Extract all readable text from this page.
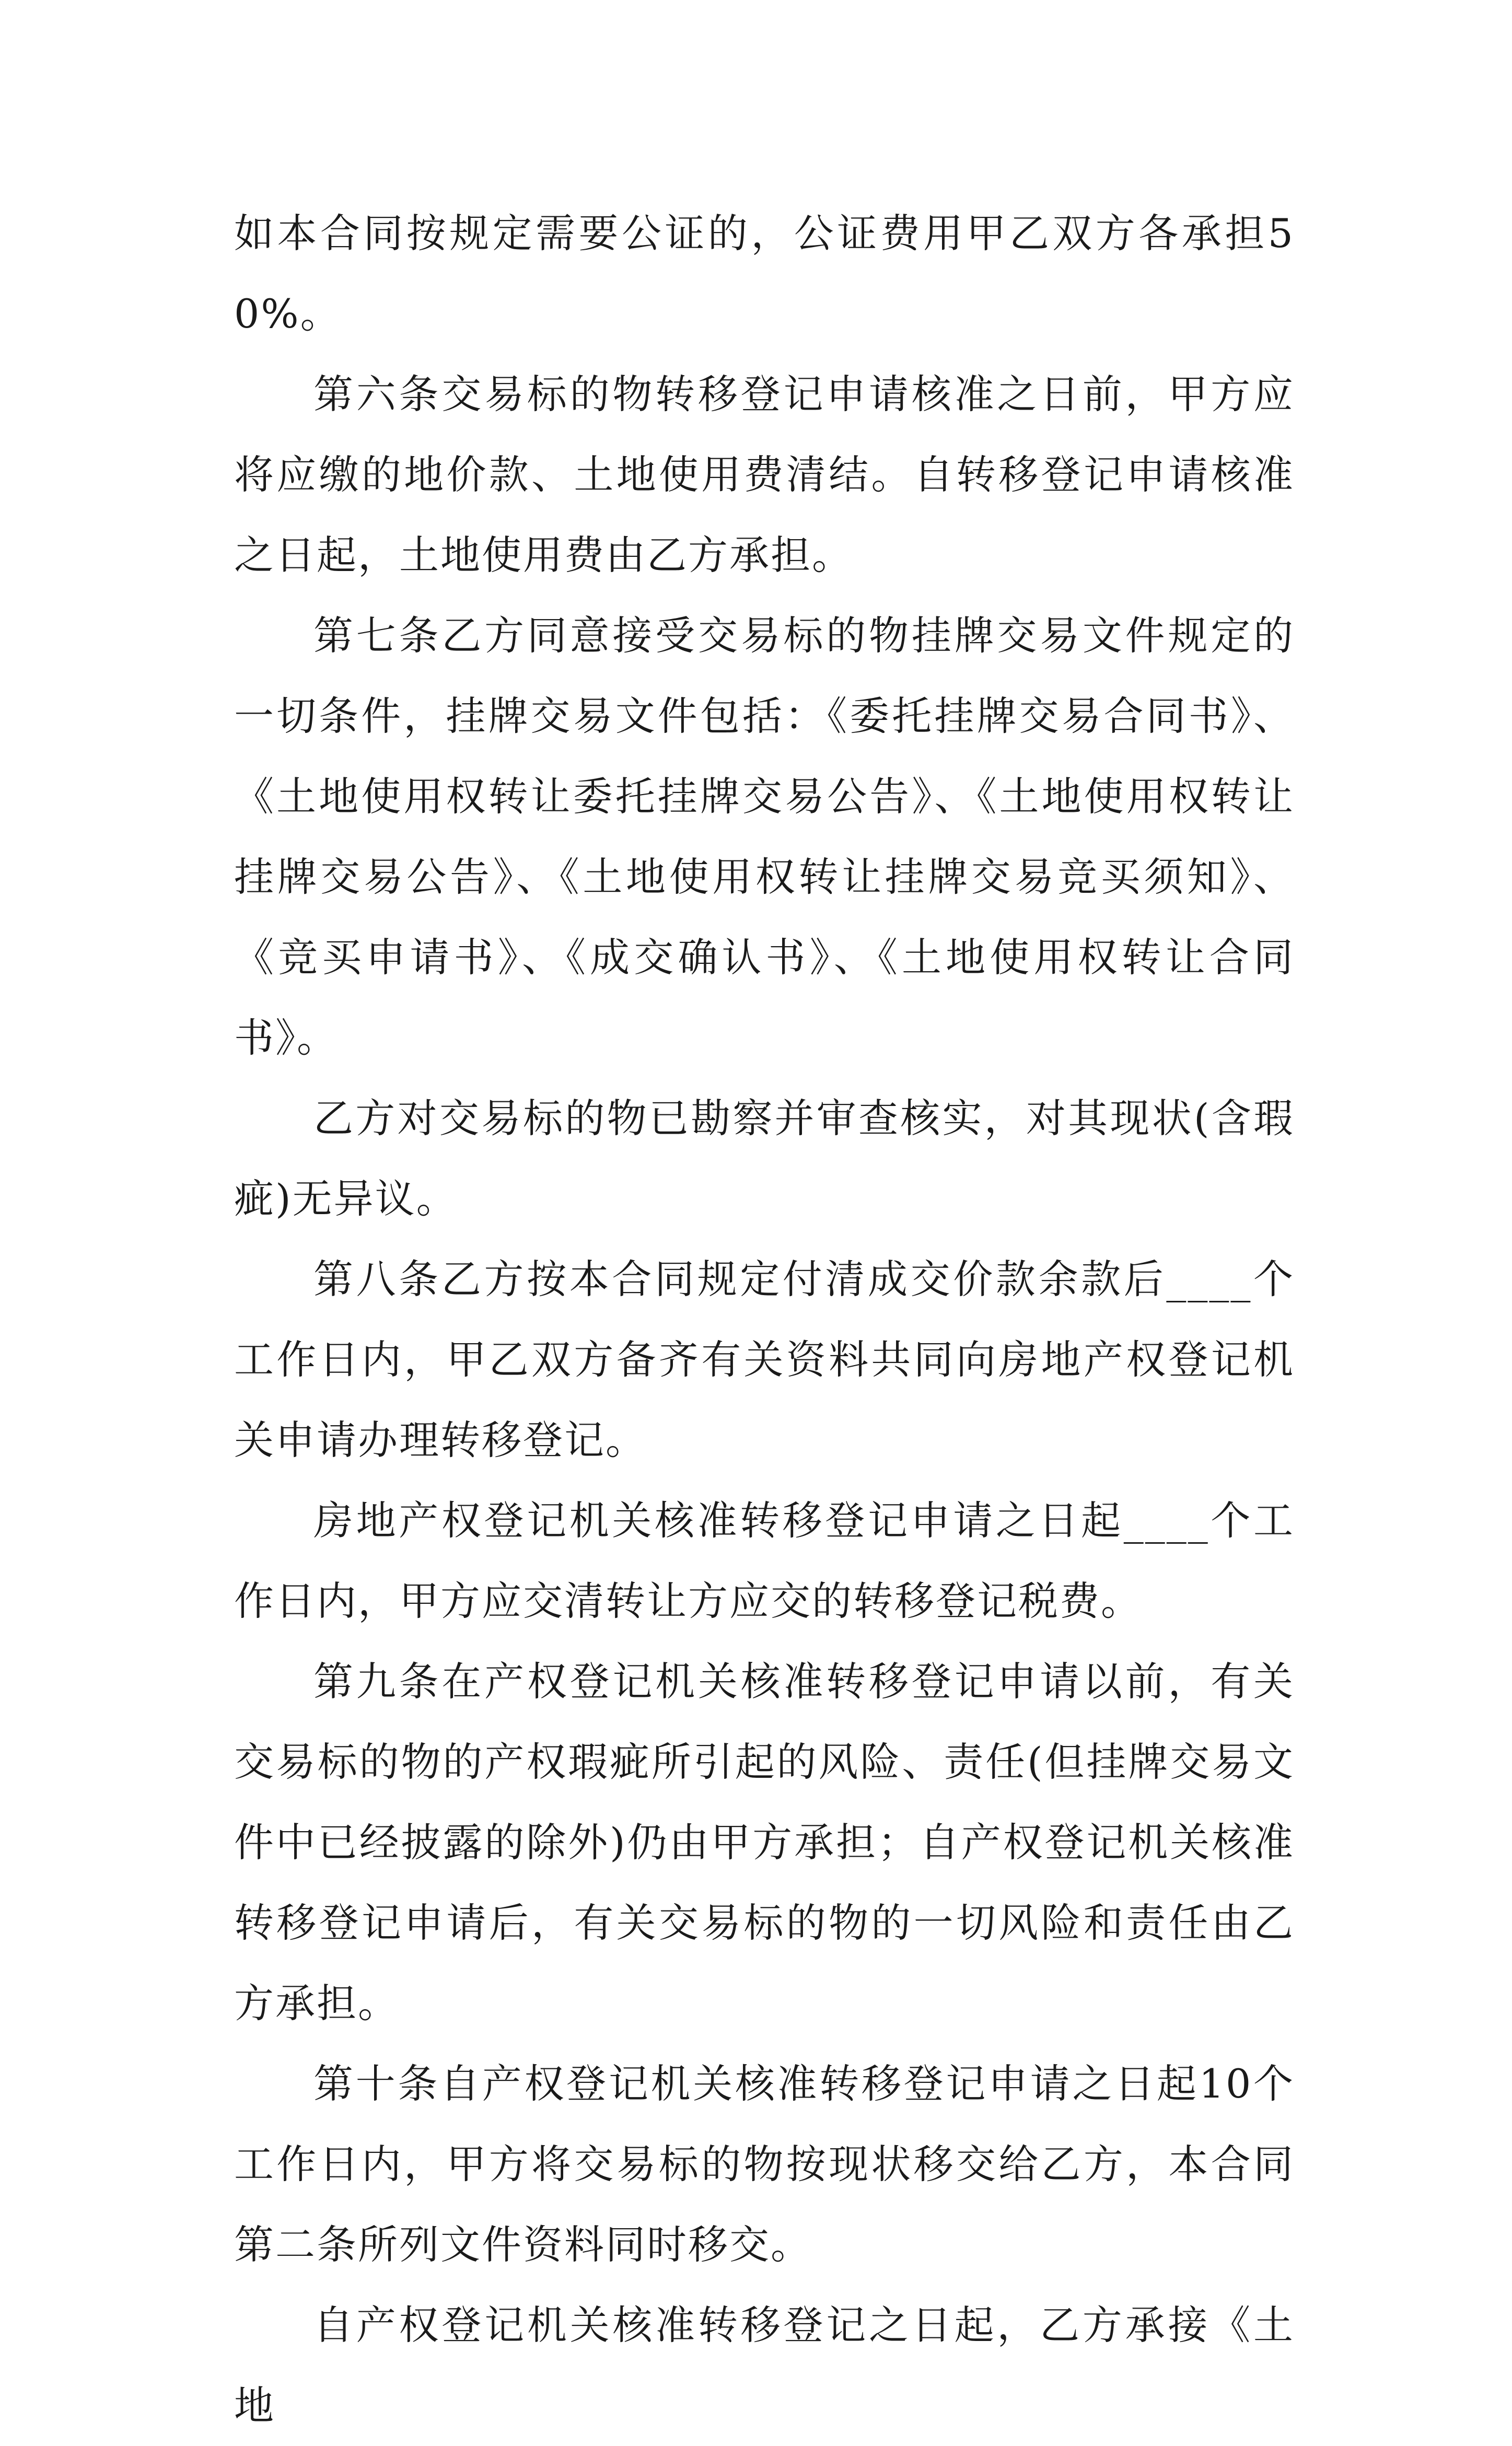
如本合同按规定需要公证的，公证费用甲乙双方各承担50%。

第六条交易标的物转移登记申请核准之日前，甲方应将应缴的地价款、土地使用费清结。自转移登记申请核准之日起，土地使用费由乙方承担。

第七条乙方同意接受交易标的物挂牌交易文件规定的一切条件，挂牌交易文件包括：《委托挂牌交易合同书》、《土地使用权转让委托挂牌交易公告》、《土地使用权转让挂牌交易公告》、《土地使用权转让挂牌交易竞买须知》、《竞买申请书》、《成交确认书》、《土地使用权转让合同书》。

乙方对交易标的物已勘察并审查核实，对其现状(含瑕疵)无异议。

第八条乙方按本合同规定付清成交价款余款后____个工作日内，甲乙双方备齐有关资料共同向房地产权登记机关申请办理转移登记。

房地产权登记机关核准转移登记申请之日起____个工作日内，甲方应交清转让方应交的转移登记税费。

第九条在产权登记机关核准转移登记申请以前，有关交易标的物的产权瑕疵所引起的风险、责任(但挂牌交易文件中已经披露的除外)仍由甲方承担；自产权登记机关核准转移登记申请后，有关交易标的物的一切风险和责任由乙方承担。

第十条自产权登记机关核准转移登记申请之日起10个工作日内，甲方将交易标的物按现状移交给乙方，本合同第二条所列文件资料同时移交。

自产权登记机关核准转移登记之日起，乙方承接《土地
